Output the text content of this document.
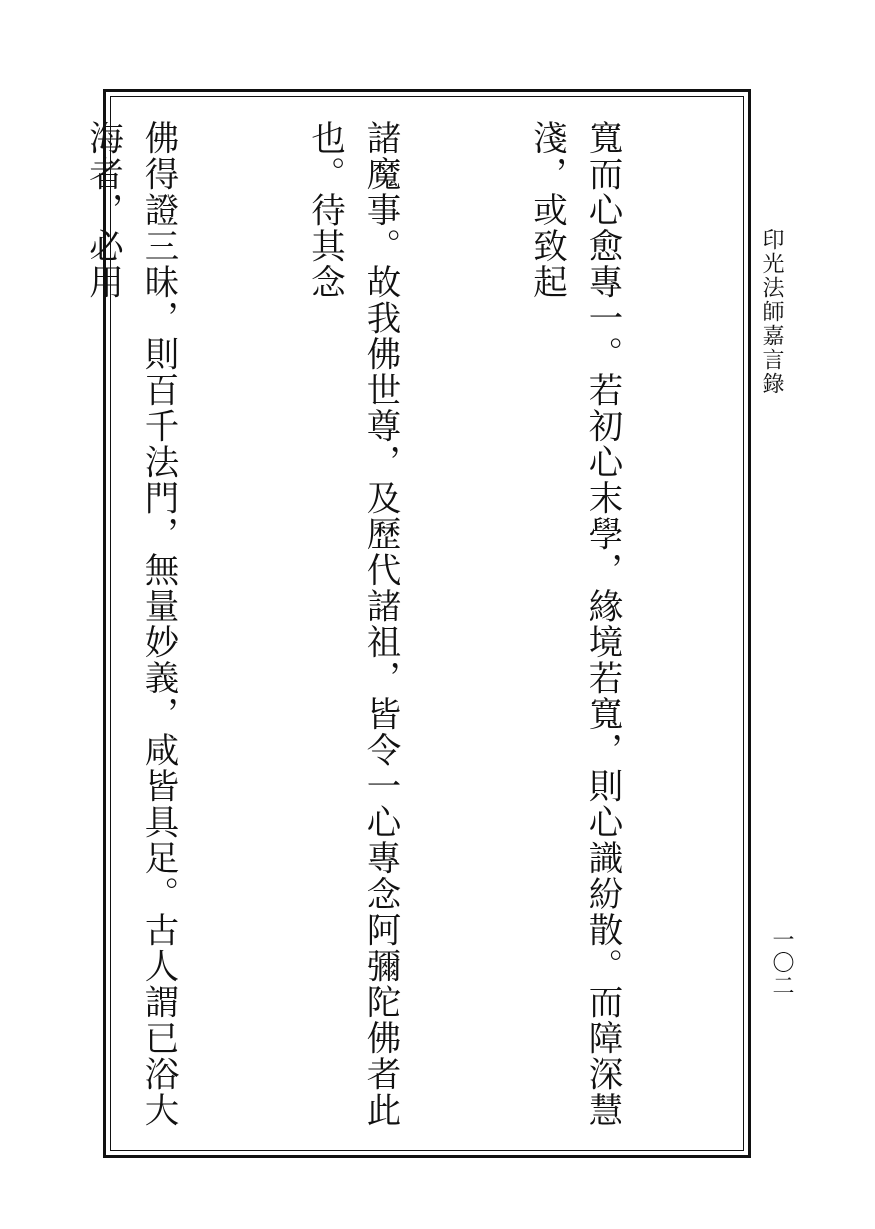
印光法師嘉言錄
一〇二

寬而心愈專一。若初心末學，緣境若寬，則心識紛散。而障深慧淺，或致起

諸魔事。故我佛世尊，及歷代諸祖，皆令一心專念阿彌陀佛者此也。待其念

佛得證三昧，則百千法門，無量妙義，咸皆具足。古人謂已浴大海者，必用
